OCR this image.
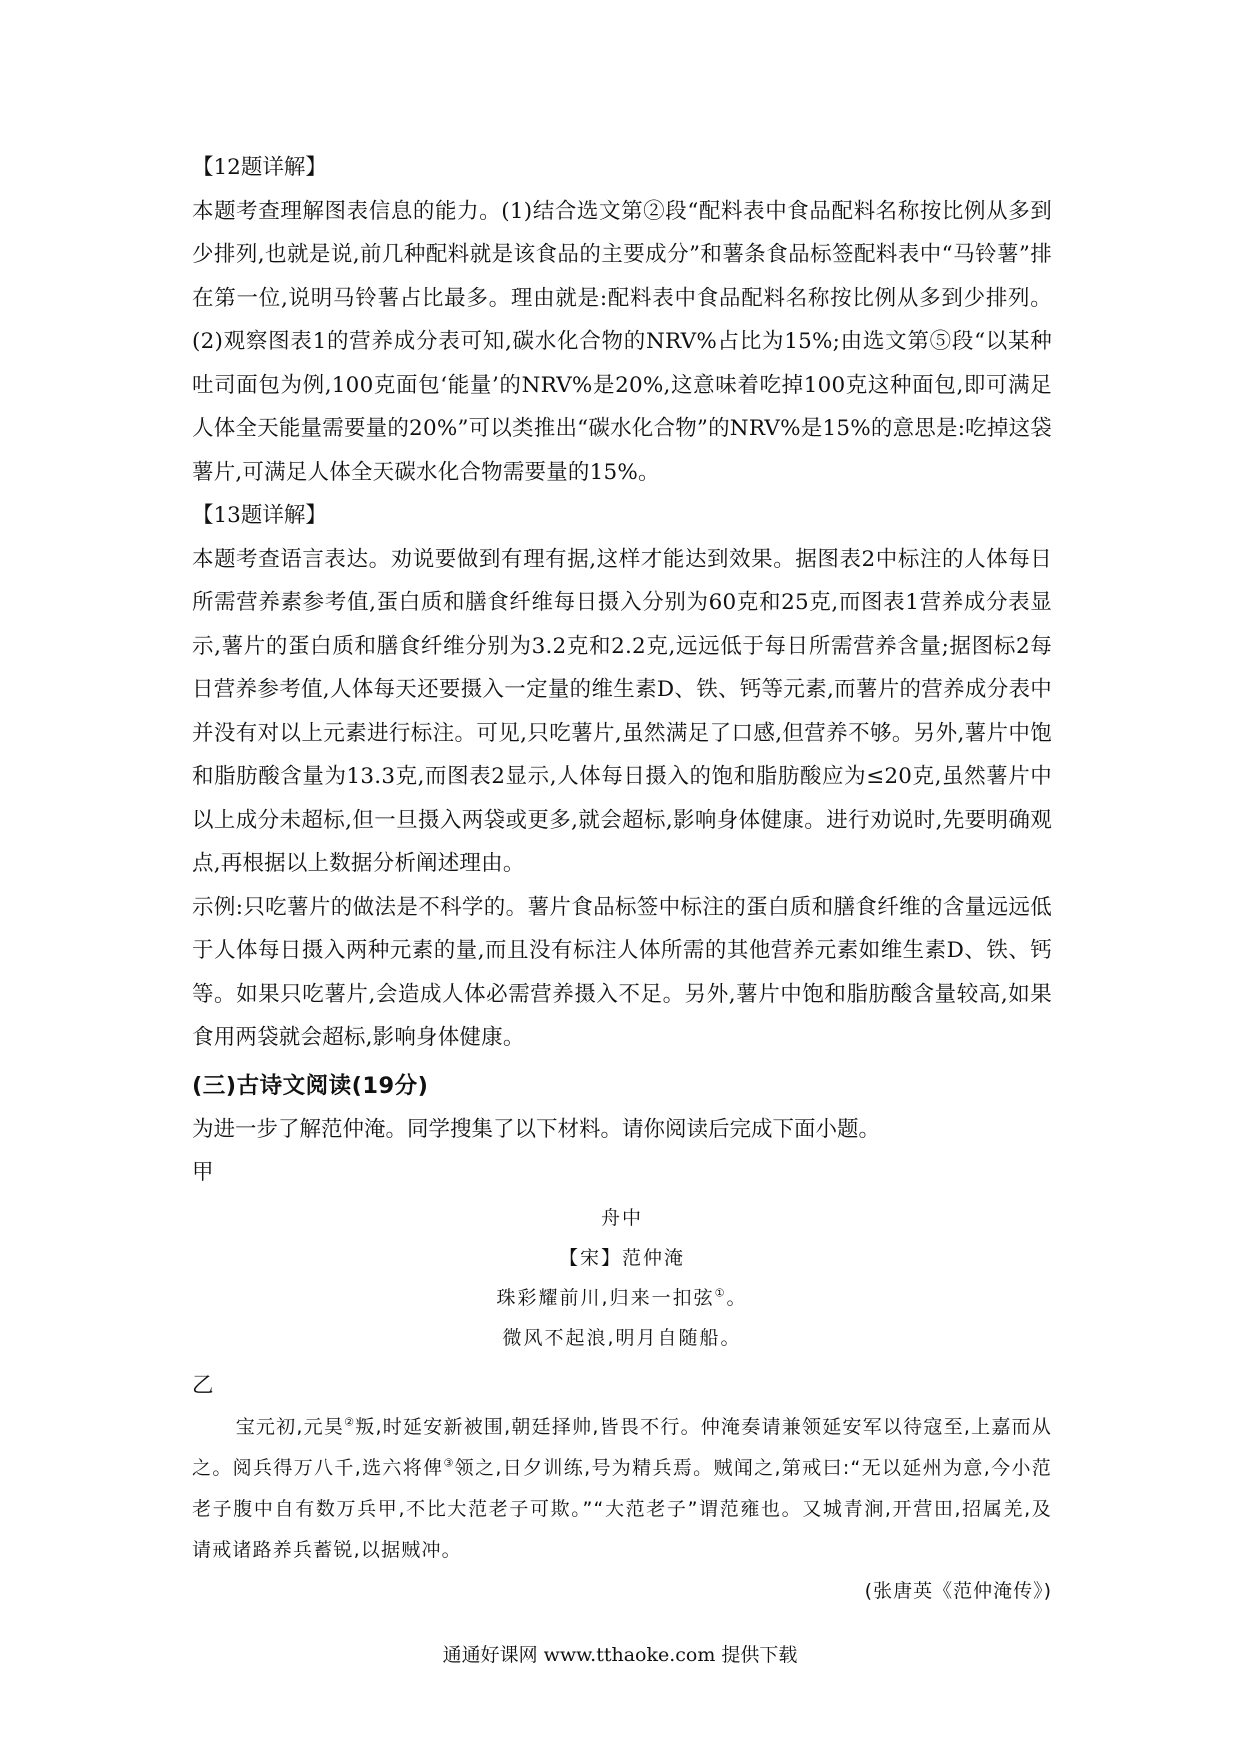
【12题详解】

本题考查理解图表信息的能力。(1)结合选文第②段“配料表中食品配料名称按比例从多到少排列,也就是说,前几种配料就是该食品的主要成分”和薯条食品标签配料表中“马铃薯”排在第一位,说明马铃薯占比最多。理由就是:配料表中食品配料名称按比例从多到少排列。(2)观察图表1的营养成分表可知,碳水化合物的NRV%占比为15%;由选文第⑤段“以某种吐司面包为例,100克面包‘能量’的NRV%是20%,这意味着吃掉100克这种面包,即可满足人体全天能量需要量的20%”可以类推出“碳水化合物”的NRV%是15%的意思是:吃掉这袋薯片,可满足人体全天碳水化合物需要量的15%。

【13题详解】

本题考查语言表达。劝说要做到有理有据,这样才能达到效果。据图表2中标注的人体每日所需营养素参考值,蛋白质和膳食纤维每日摄入分别为60克和25克,而图表1营养成分表显示,薯片的蛋白质和膳食纤维分别为3.2克和2.2克,远远低于每日所需营养含量;据图标2每日营养参考值,人体每天还要摄入一定量的维生素D、铁、钙等元素,而薯片的营养成分表中并没有对以上元素进行标注。可见,只吃薯片,虽然满足了口感,但营养不够。另外,薯片中饱和脂肪酸含量为13.3克,而图表2显示,人体每日摄入的饱和脂肪酸应为≤20克,虽然薯片中以上成分未超标,但一旦摄入两袋或更多,就会超标,影响身体健康。进行劝说时,先要明确观点,再根据以上数据分析阐述理由。

示例:只吃薯片的做法是不科学的。薯片食品标签中标注的蛋白质和膳食纤维的含量远远低于人体每日摄入两种元素的量,而且没有标注人体所需的其他营养元素如维生素D、铁、钙等。如果只吃薯片,会造成人体必需营养摄入不足。另外,薯片中饱和脂肪酸含量较高,如果食用两袋就会超标,影响身体健康。

(三)古诗文阅读(19分)

为进一步了解范仲淹。同学搜集了以下材料。请你阅读后完成下面小题。

甲

舟中

【宋】范仲淹

珠彩耀前川,归来一扣弦①。

微风不起浪,明月自随船。

乙

宝元初,元昊②叛,时延安新被围,朝廷择帅,皆畏不行。仲淹奏请兼领延安军以待寇至,上嘉而从之。阅兵得万八千,选六将俾③领之,日夕训练,号为精兵焉。贼闻之,第戒曰:“无以延州为意,今小范老子腹中自有数万兵甲,不比大范老子可欺。”“大范老子”谓范雍也。又城青涧,开营田,招属羌,及请戒诸路养兵蓄锐,以据贼冲。

(张唐英《范仲淹传》)

通通好课网 www.tthaoke.com 提供下载
